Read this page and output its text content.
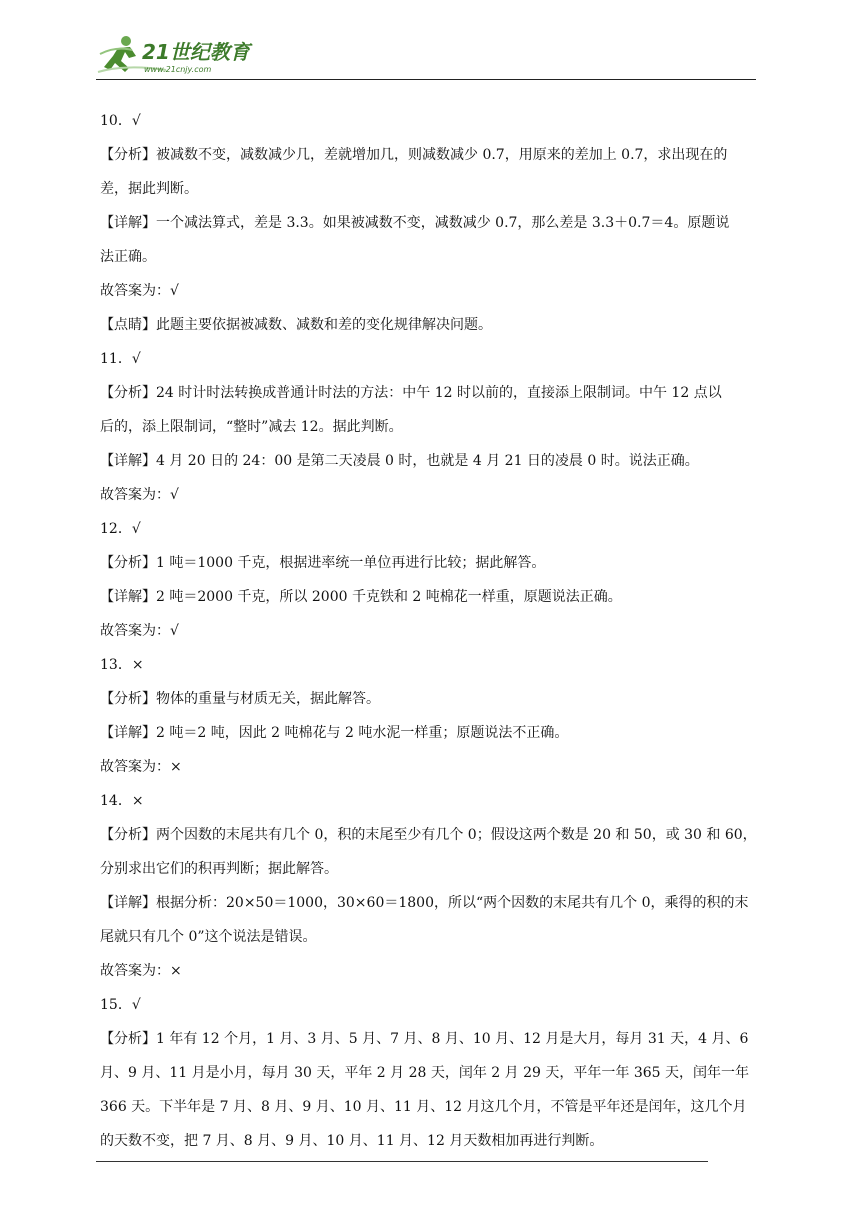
21世纪教育
www.21cnjy.com
10．√
【分析】被减数不变，减数减少几，差就增加几，则减数减少 0.7，用原来的差加上 0.7，求出现在的
差，据此判断。
【详解】一个减法算式，差是 3.3。如果被减数不变，减数减少 0.7，那么差是 3.3＋0.7＝4。原题说
法正确。
故答案为：√
【点睛】此题主要依据被减数、减数和差的变化规律解决问题。
11．√
【分析】24 时计时法转换成普通计时法的方法：中午 12 时以前的，直接添上限制词。中午 12 点以
后的，添上限制词，“整时”减去 12。据此判断。
【详解】4 月 20 日的 24：00 是第二天凌晨 0 时，也就是 4 月 21 日的凌晨 0 时。说法正确。
故答案为：√
12．√
【分析】1 吨＝1000 千克，根据进率统一单位再进行比较；据此解答。
【详解】2 吨＝2000 千克，所以 2000 千克铁和 2 吨棉花一样重，原题说法正确。
故答案为：√
13．×
【分析】物体的重量与材质无关，据此解答。
【详解】2 吨＝2 吨，因此 2 吨棉花与 2 吨水泥一样重；原题说法不正确。
故答案为：×
14．×
【分析】两个因数的末尾共有几个 0，积的末尾至少有几个 0；假设这两个数是 20 和 50，或 30 和 60，
分别求出它们的积再判断；据此解答。
【详解】根据分析：20×50＝1000，30×60＝1800，所以“两个因数的末尾共有几个 0，乘得的积的末
尾就只有几个 0”这个说法是错误。
故答案为：×
15．√
【分析】1 年有 12 个月，1 月、3 月、5 月、7 月、8 月、10 月、12 月是大月，每月 31 天，4 月、6
月、9 月、11 月是小月，每月 30 天，平年 2 月 28 天，闰年 2 月 29 天，平年一年 365 天，闰年一年
366 天。下半年是 7 月、8 月、9 月、10 月、11 月、12 月这几个月，不管是平年还是闰年，这几个月
的天数不变，把 7 月、8 月、9 月、10 月、11 月、12 月天数相加再进行判断。
